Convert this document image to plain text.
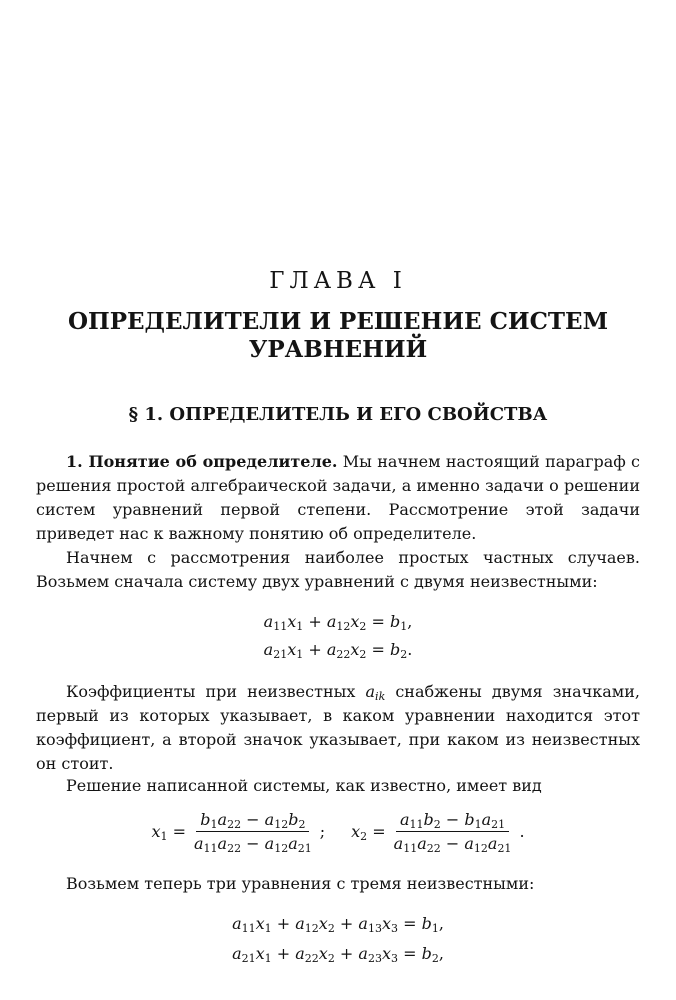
ГЛАВА I
ОПРЕДЕЛИТЕЛИ И РЕШЕНИЕ СИСТЕМ
УРАВНЕНИЙ
§ 1. ОПРЕДЕЛИТЕЛЬ И ЕГО СВОЙСТВА

1. Понятие об определителе. Мы начнем настоящий параграф с решения простой алгебраической задачи, а именно задачи о решении систем уравнений первой степени. Рассмотрение этой задачи приведет нас к важному понятию об определителе.

Начнем с рассмотрения наиболее простых частных случаев. Возьмем сначала систему двух уравнений с двумя неизвестными:

$a_{11}x_1 + a_{12}x_2 = b_1$,
$a_{21}x_1 + a_{22}x_2 = b_2$.

Коэффициенты при неизвестных $a_{ik}$ снабжены двумя значками, первый из которых указывает, в каком уравнении находится этот коэффициент, а второй значок указывает, при каком из неизвестных он стоит.

Решение написанной системы, как известно, имеет вид

$x_1 = \frac{b_1a_{22} - a_{12}b_2}{a_{11}a_{22} - a_{12}a_{21}}$ ; $x_2 = \frac{a_{11}b_2 - b_1a_{21}}{a_{11}a_{22} - a_{12}a_{21}}$ .

Возьмем теперь три уравнения с тремя неизвестными:

$a_{11}x_1 + a_{12}x_2 + a_{13}x_3 = b_1$,
$a_{21}x_1 + a_{22}x_2 + a_{23}x_3 = b_2$,
